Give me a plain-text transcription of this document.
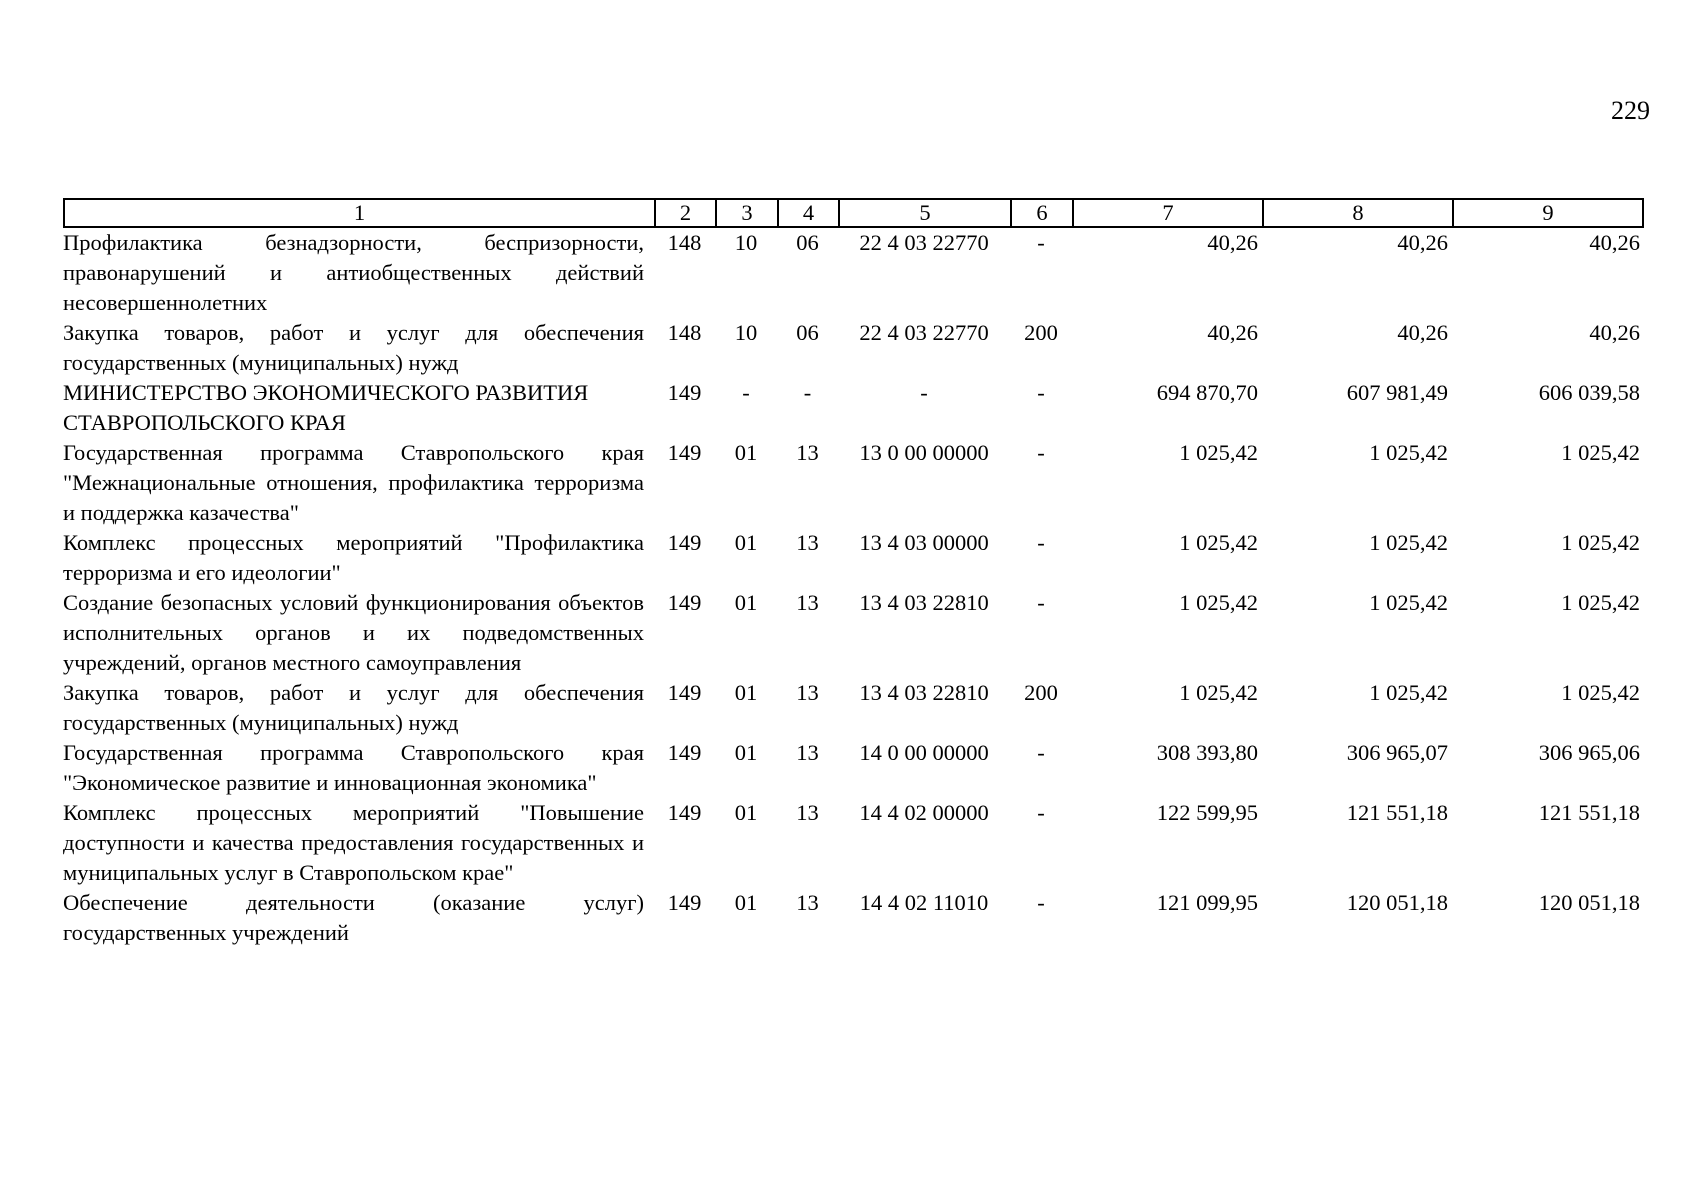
229
1	2	3	4	5	6	7	8	9
Профилактика безнадзорности, беспризорности, правонарушений и антиобщественных действий несовершеннолетних	148	10	06	22 4 03 22770	-	40,26	40,26	40,26
Закупка товаров, работ и услуг для обеспечения государственных (муниципальных) нужд	148	10	06	22 4 03 22770	200	40,26	40,26	40,26
МИНИСТЕРСТВО ЭКОНОМИЧЕСКОГО РАЗВИТИЯ СТАВРОПОЛЬСКОГО КРАЯ	149	-	-	-	-	694 870,70	607 981,49	606 039,58
Государственная программа Ставропольского края "Межнациональные отношения, профилактика терроризма и поддержка казачества"	149	01	13	13 0 00 00000	-	1 025,42	1 025,42	1 025,42
Комплекс процессных мероприятий "Профилактика терроризма и его идеологии"	149	01	13	13 4 03 00000	-	1 025,42	1 025,42	1 025,42
Создание безопасных условий функционирования объектов исполнительных органов и их подведомственных учреждений, органов местного самоуправления	149	01	13	13 4 03 22810	-	1 025,42	1 025,42	1 025,42
Закупка товаров, работ и услуг для обеспечения государственных (муниципальных) нужд	149	01	13	13 4 03 22810	200	1 025,42	1 025,42	1 025,42
Государственная программа Ставропольского края "Экономическое развитие и инновационная экономика"	149	01	13	14 0 00 00000	-	308 393,80	306 965,07	306 965,06
Комплекс процессных мероприятий "Повышение доступности и качества предоставления государственных и муниципальных услуг в Ставропольском крае"	149	01	13	14 4 02 00000	-	122 599,95	121 551,18	121 551,18
Обеспечение деятельности (оказание услуг) государственных учреждений	149	01	13	14 4 02 11010	-	121 099,95	120 051,18	120 051,18
